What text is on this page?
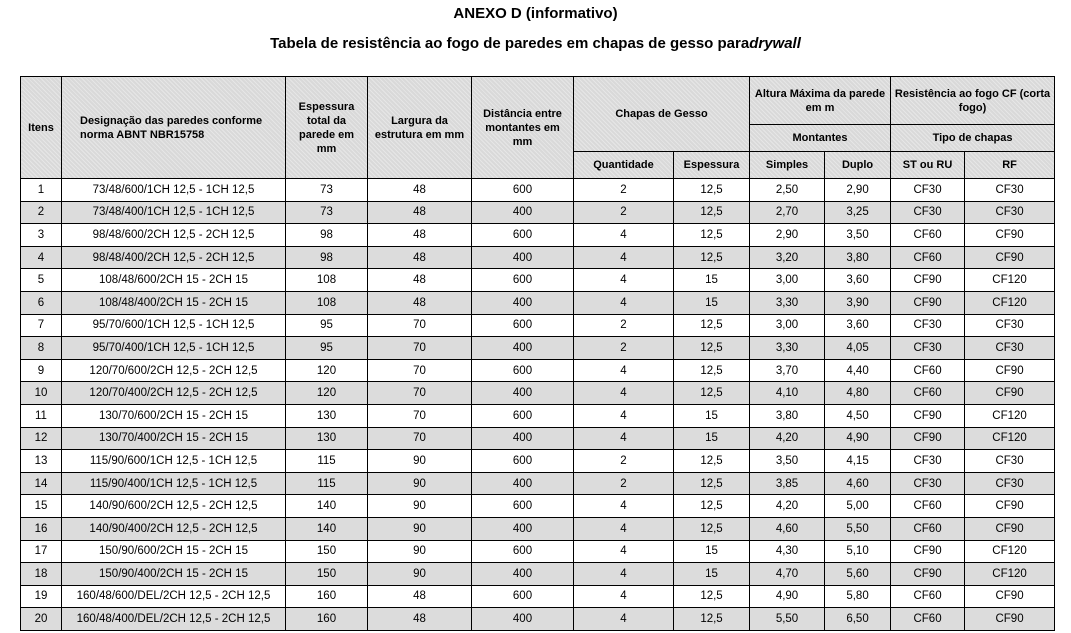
ANEXO D (informativo)
Tabela de resistência ao fogo de paredes em chapas de gesso paradrywall
Itens	Designação das paredes conforme norma ABNT NBR15758	Espessura total da parede em mm	Largura da estrutura em mm	Distância entre montantes em mm	Chapas de Gesso		Altura Máxima da parede em m		Resistência ao fogo CF (corta fogo)	
							Montantes		Tipo de chapas	
					Quantidade	Espessura	Simples	Duplo	ST ou RU	RF
1	73/48/600/1CH 12,5 - 1CH 12,5	73	48	600	2	12,5	2,50	2,90	CF30	CF30
2	73/48/400/1CH 12,5 - 1CH 12,5	73	48	400	2	12,5	2,70	3,25	CF30	CF30
3	98/48/600/2CH 12,5 - 2CH 12,5	98	48	600	4	12,5	2,90	3,50	CF60	CF90
4	98/48/400/2CH 12,5 - 2CH 12,5	98	48	400	4	12,5	3,20	3,80	CF60	CF90
5	108/48/600/2CH 15 - 2CH 15	108	48	600	4	15	3,00	3,60	CF90	CF120
6	108/48/400/2CH 15 - 2CH 15	108	48	400	4	15	3,30	3,90	CF90	CF120
7	95/70/600/1CH 12,5 - 1CH 12,5	95	70	600	2	12,5	3,00	3,60	CF30	CF30
8	95/70/400/1CH 12,5 - 1CH 12,5	95	70	400	2	12,5	3,30	4,05	CF30	CF30
9	120/70/600/2CH 12,5 - 2CH 12,5	120	70	600	4	12,5	3,70	4,40	CF60	CF90
10	120/70/400/2CH 12,5 - 2CH 12,5	120	70	400	4	12,5	4,10	4,80	CF60	CF90
11	130/70/600/2CH 15 - 2CH 15	130	70	600	4	15	3,80	4,50	CF90	CF120
12	130/70/400/2CH 15 - 2CH 15	130	70	400	4	15	4,20	4,90	CF90	CF120
13	115/90/600/1CH 12,5 - 1CH 12,5	115	90	600	2	12,5	3,50	4,15	CF30	CF30
14	115/90/400/1CH 12,5 - 1CH 12,5	115	90	400	2	12,5	3,85	4,60	CF30	CF30
15	140/90/600/2CH 12,5 - 2CH 12,5	140	90	600	4	12,5	4,20	5,00	CF60	CF90
16	140/90/400/2CH 12,5 - 2CH 12,5	140	90	400	4	12,5	4,60	5,50	CF60	CF90
17	150/90/600/2CH 15 - 2CH 15	150	90	600	4	15	4,30	5,10	CF90	CF120
18	150/90/400/2CH 15 - 2CH 15	150	90	400	4	15	4,70	5,60	CF90	CF120
19	160/48/600/DEL/2CH 12,5 - 2CH 12,5	160	48	600	4	12,5	4,90	5,80	CF60	CF90
20	160/48/400/DEL/2CH 12,5 - 2CH 12,5	160	48	400	4	12,5	5,50	6,50	CF60	CF90
